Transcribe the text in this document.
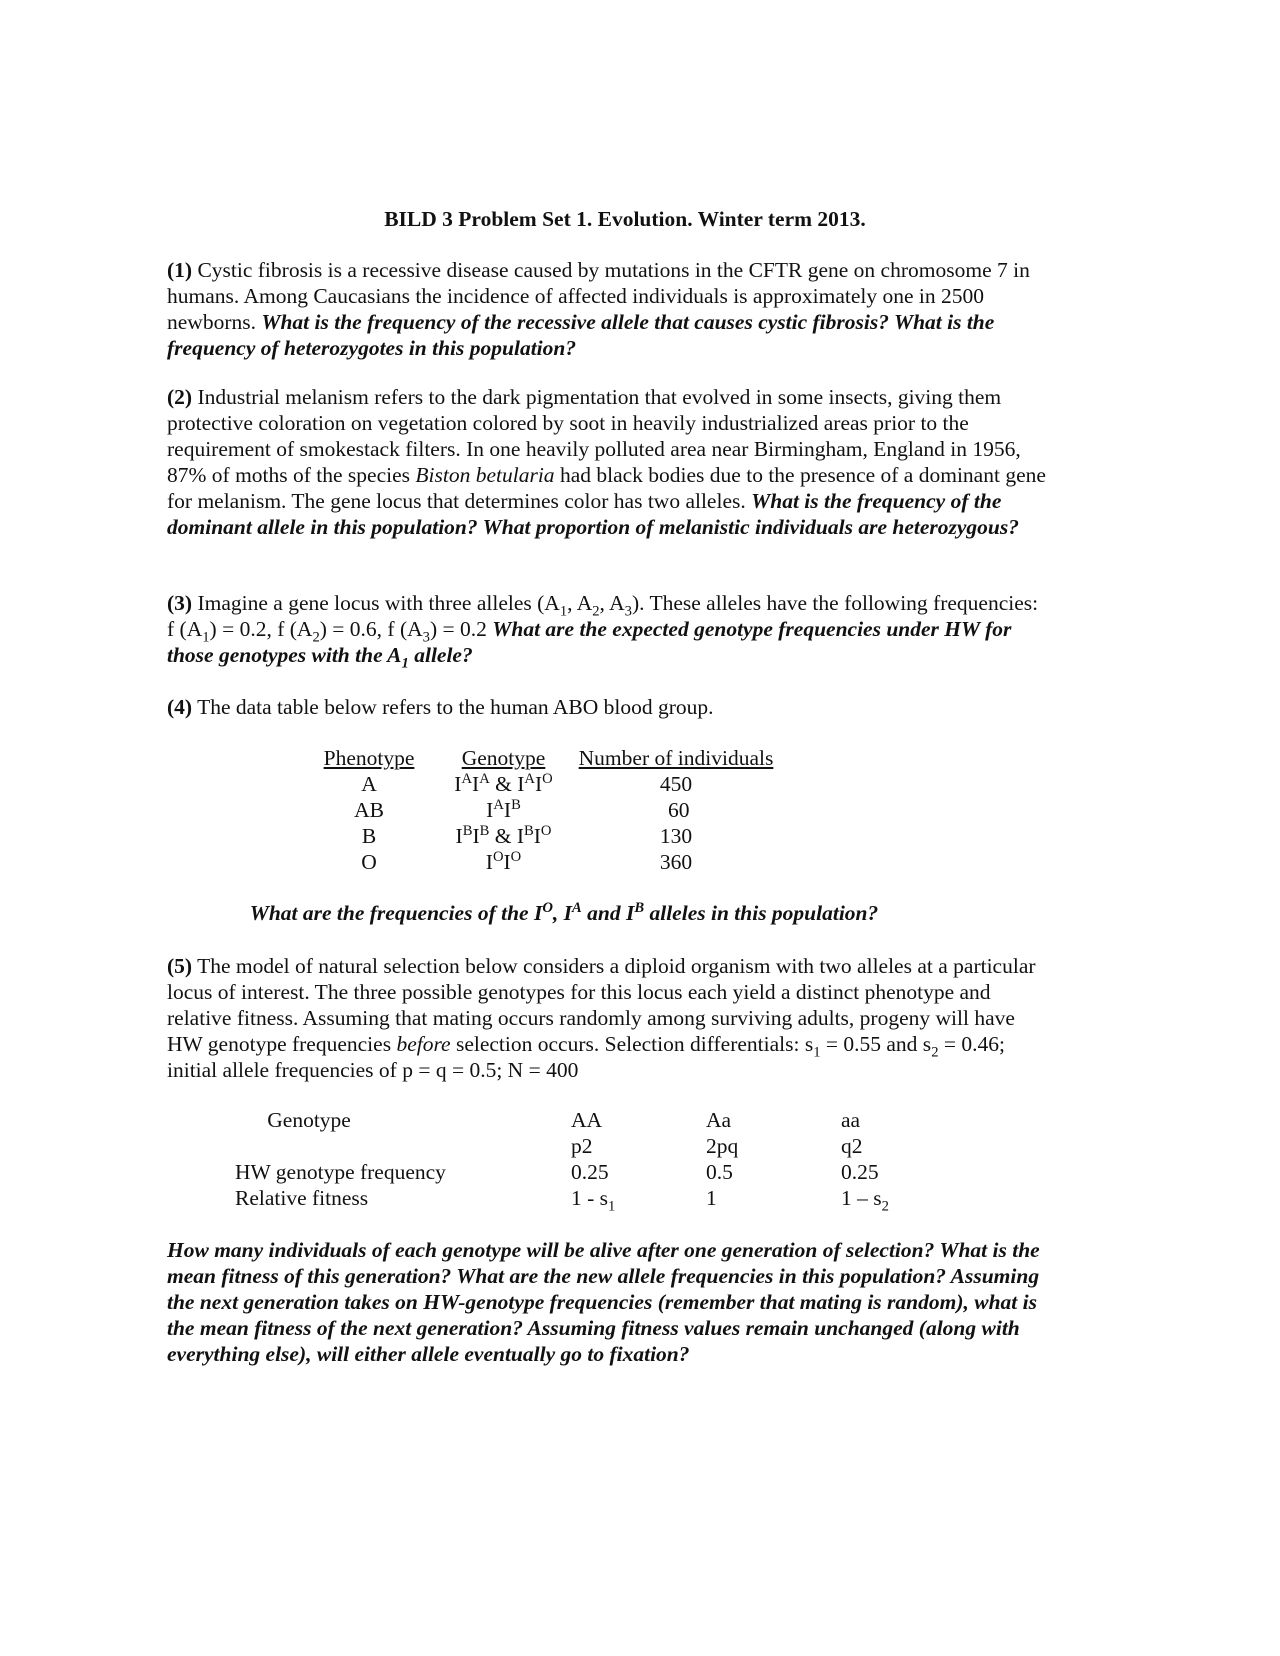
BILD 3 Problem Set 1. Evolution. Winter term 2013.

(1) Cystic fibrosis is a recessive disease caused by mutations in the CFTR gene on chromosome 7 in humans. Among Caucasians the incidence of affected individuals is approximately one in 2500 newborns. What is the frequency of the recessive allele that causes cystic fibrosis? What is the frequency of heterozygotes in this population?

(2) Industrial melanism refers to the dark pigmentation that evolved in some insects, giving them protective coloration on vegetation colored by soot in heavily industrialized areas prior to the requirement of smokestack filters. In one heavily polluted area near Birmingham, England in 1956, 87% of moths of the species Biston betularia had black bodies due to the presence of a dominant gene for melanism. The gene locus that determines color has two alleles. What is the frequency of the dominant allele in this population? What proportion of melanistic individuals are heterozygous?

(3) Imagine a gene locus with three alleles ($A_1$, $A_2$, $A_3$). These alleles have the following frequencies:  f $(A_1) = 0.2$, f $(A_2) = 0.6$, f $(A_3) = 0.2$ What are the expected genotype frequencies under HW for those genotypes with the $A_1$ allele?

(4) The data table below refers to the human ABO blood group.

Phenotype	Genotype	Number of individuals
A	$I^AI^A$ & $I^AI^O$	450
AB	$I^AI^B$	60
B	$I^BI^B$ & $I^BI^O$	130
O	$I^OI^O$	360

What are the frequencies of the $I^O$, $I^A$ and $I^B$ alleles in this population?

(5) The model of natural selection below considers a diploid organism with two alleles at a particular locus of interest. The three possible genotypes for this locus each yield a distinct phenotype and relative fitness. Assuming that mating occurs randomly among surviving adults, progeny will have HW genotype frequencies before selection occurs. Selection differentials: $s_1 = 0.55$ and $s_2 = 0.46$; initial allele frequencies of p = q = 0.5; N = 400

Genotype	AA	Aa	aa
	p2	2pq	q2
HW genotype frequency	0.25	0.5	0.25
Relative fitness	$1 - s_1$	1	$1 - s_2$

How many individuals of each genotype will be alive after one generation of selection? What is the mean fitness of this generation? What are the new allele frequencies in this population? Assuming the next generation takes on HW-genotype frequencies (remember that mating is random), what is the mean fitness of the next generation? Assuming fitness values remain unchanged (along with everything else), will either allele eventually go to fixation?
